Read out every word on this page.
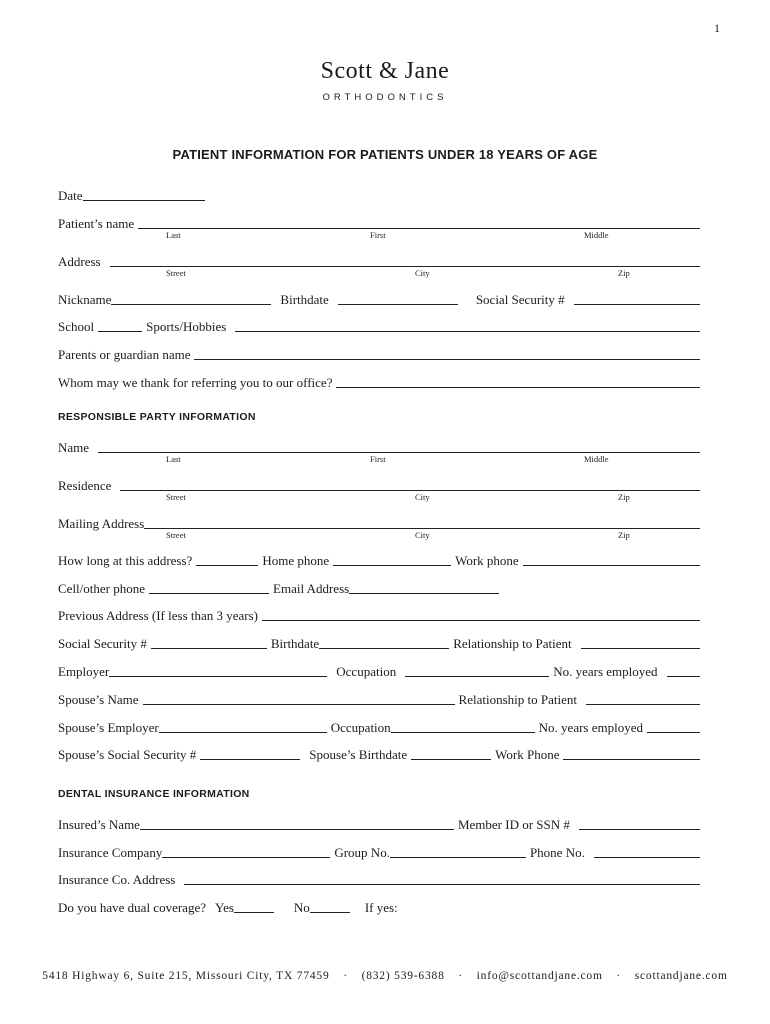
1
Scott & Jane
ORTHODONTICS
PATIENT INFORMATION FOR PATIENTS UNDER 18 YEARS OF AGE
Date
Patient’s name
Last	First	Middle
Address
Street	City	Zip
Nickname	Birthdate	Social Security #
School	Sports/Hobbies
Parents or guardian name
Whom may we thank for referring you to our office?
RESPONSIBLE PARTY INFORMATION
Name
Last	First	Middle
Residence
Street	City	Zip
Mailing Address
Street	City	Zip
How long at this address?	Home phone	Work phone
Cell/other phone	Email Address
Previous Address (If less than 3 years)
Social Security #	Birthdate	Relationship to Patient
Employer	Occupation	No. years employed
Spouse’s Name	Relationship to Patient
Spouse’s Employer	Occupation	No. years employed
Spouse’s Social Security #	Spouse’s Birthdate	Work Phone
DENTAL INSURANCE INFORMATION
Insured’s Name	Member ID or SSN #
Insurance Company	Group No.	Phone No.
Insurance Co. Address
Do you have dual coverage? Yes	No	If yes:
5418 Highway 6, Suite 215, Missouri City, TX 77459 · (832) 539-6388 · info@scottandjane.com · scottandjane.com
